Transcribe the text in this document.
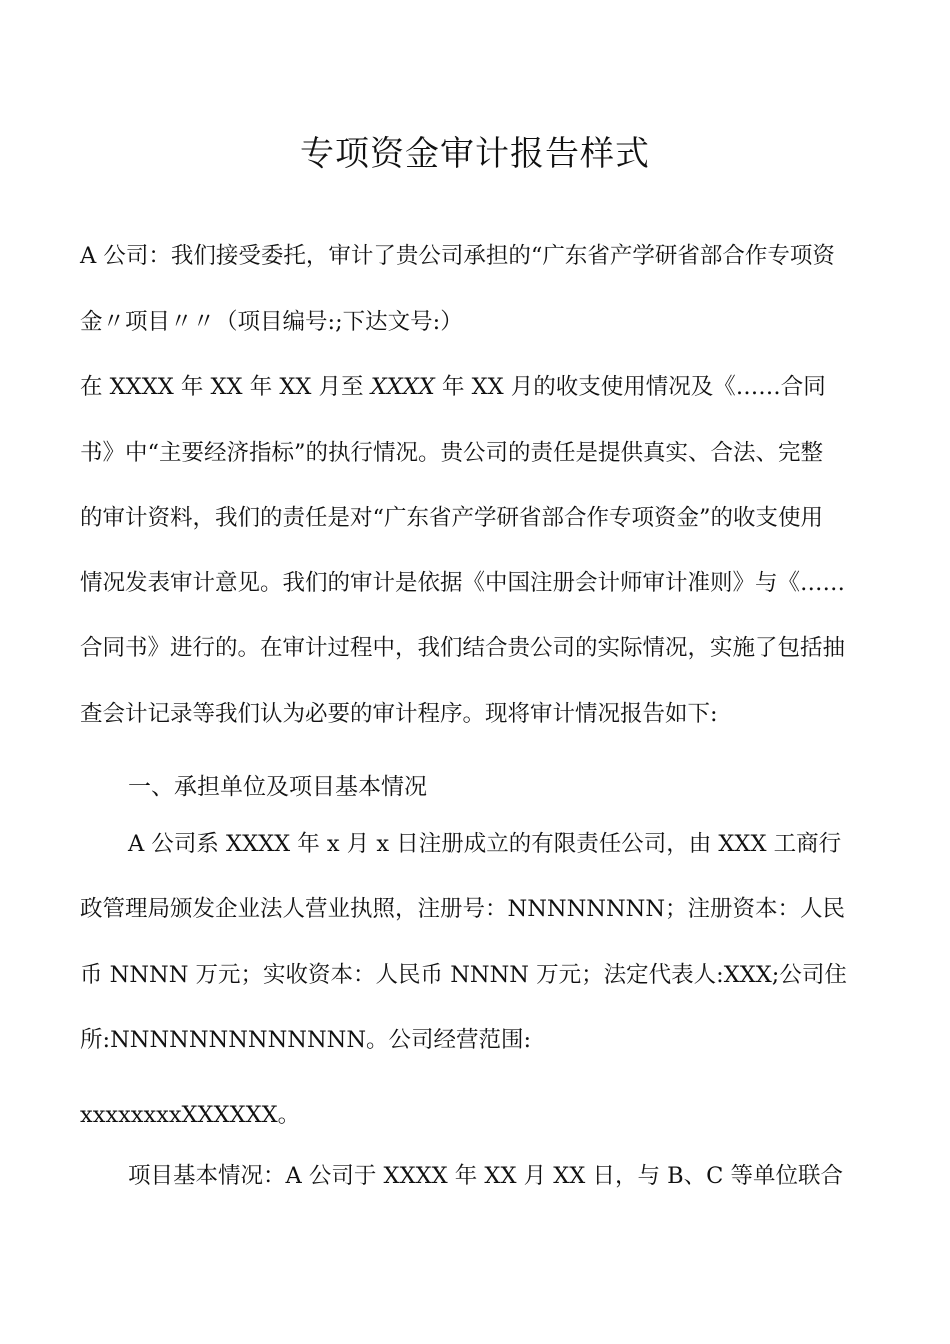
专项资金审计报告样式

A 公司：我们接受委托，审计了贵公司承担的“广东省产学研省部合作专项资

金〃项目〃〃（项目编号:;下达文号:）

在 XXXX 年 XX 年 XX 月至 XXXX 年 XX 月的收支使用情况及《……合同

书》中“主要经济指标”的执行情况。贵公司的责任是提供真实、合法、完整

的审计资料，我们的责任是对“广东省产学研省部合作专项资金”的收支使用

情况发表审计意见。我们的审计是依据《中国注册会计师审计准则》与《……

合同书》进行的。在审计过程中，我们结合贵公司的实际情况，实施了包括抽

查会计记录等我们认为必要的审计程序。现将审计情况报告如下:

一、承担单位及项目基本情况

A 公司系 XXXX 年 x 月 x 日注册成立的有限责任公司，由 XXX 工商行

政管理局颁发企业法人营业执照，注册号：NNNNNNNN；注册资本：人民

币 NNNN 万元；实收资本：人民币 NNNN 万元；法定代表人:XXX;公司住

所:NNNNNNNNNNNNN。公司经营范围:

xxxxxxxxXXXXXX。

项目基本情况：A 公司于 XXXX 年 XX 月 XX 日，与 B、C 等单位联合
